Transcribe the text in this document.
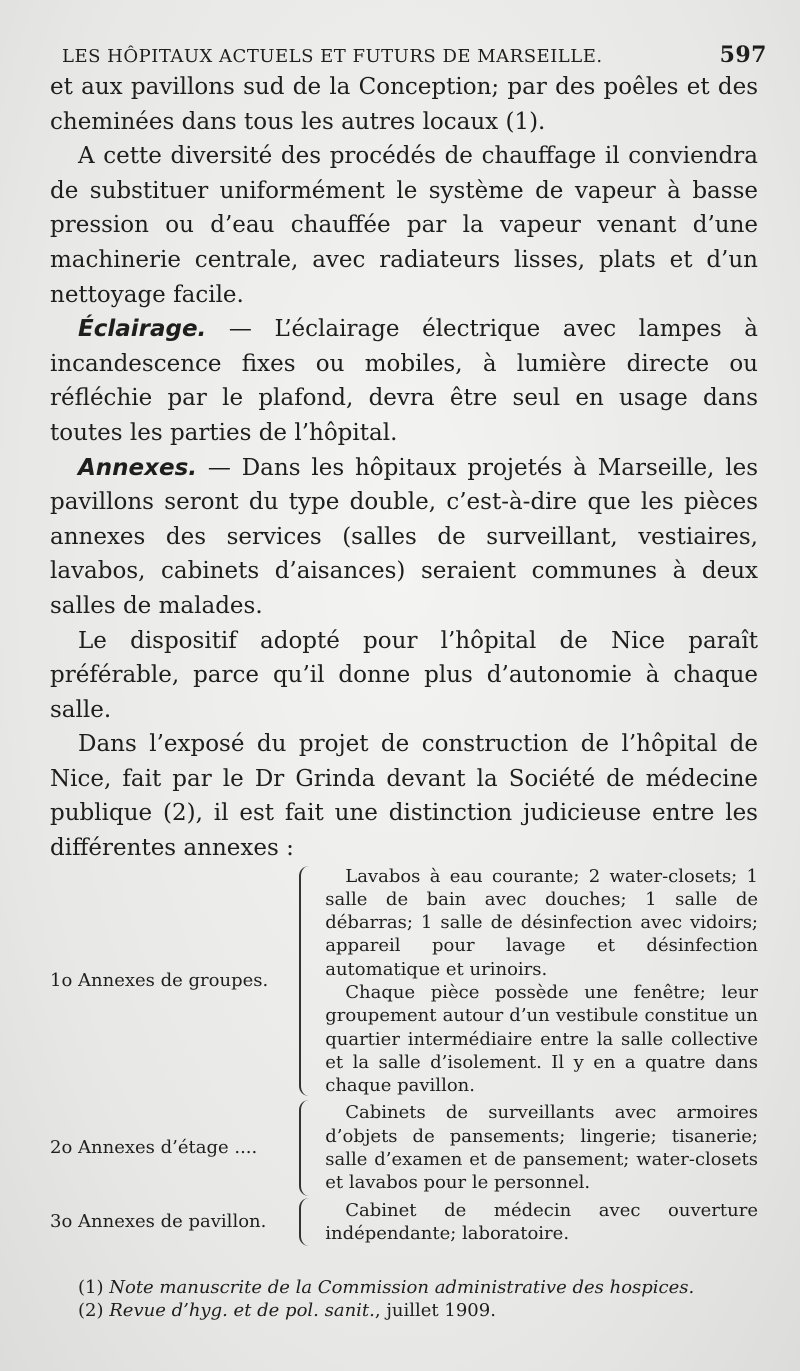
LES HÔPITAUX ACTUELS ET FUTURS DE MARSEILLE.	597

et aux pavillons sud de la Conception; par des poêles et des cheminées dans tous les autres locaux (1).

A cette diversité des procédés de chauffage il conviendra de substituer uniformément le système de vapeur à basse pression ou d’eau chauffée par la vapeur venant d’une machinerie centrale, avec radiateurs lisses, plats et d’un nettoyage facile.

Éclairage. — L’éclairage électrique avec lampes à incandescence fixes ou mobiles, à lumière directe ou réfléchie par le plafond, devra être seul en usage dans toutes les parties de l’hôpital.

Annexes. — Dans les hôpitaux projetés à Marseille, les pavillons seront du type double, c’est-à-dire que les pièces annexes des services (salles de surveillant, vestiaires, lavabos, cabinets d’aisances) seraient communes à deux salles de malades.

Le dispositif adopté pour l’hôpital de Nice paraît préférable, parce qu’il donne plus d’autonomie à chaque salle.

Dans l’exposé du projet de construction de l’hôpital de Nice, fait par le Dr Grinda devant la Société de médecine publique (2), il est fait une distinction judicieuse entre les différentes annexes :

1o Annexes de groupes.

Lavabos à eau courante; 2 water-closets; 1 salle de bain avec douches; 1 salle de débarras; 1 salle de désinfection avec vidoirs; appareil pour lavage et désinfection automatique et urinoirs.

Chaque pièce possède une fenêtre; leur groupement autour d’un vestibule constitue un quartier intermédiaire entre la salle collective et la salle d’isolement. Il y en a quatre dans chaque pavillon.

2o Annexes d’étage ....

Cabinets de surveillants avec armoires d’objets de pansements; lingerie; tisanerie; salle d’examen et de pansement; water-closets et lavabos pour le personnel.

3o Annexes de pavillon.

Cabinet de médecin avec ouverture indépendante; laboratoire.

(1) Note manuscrite de la Commission administrative des hospices.
(2) Revue d’hyg. et de pol. sanit., juillet 1909.
